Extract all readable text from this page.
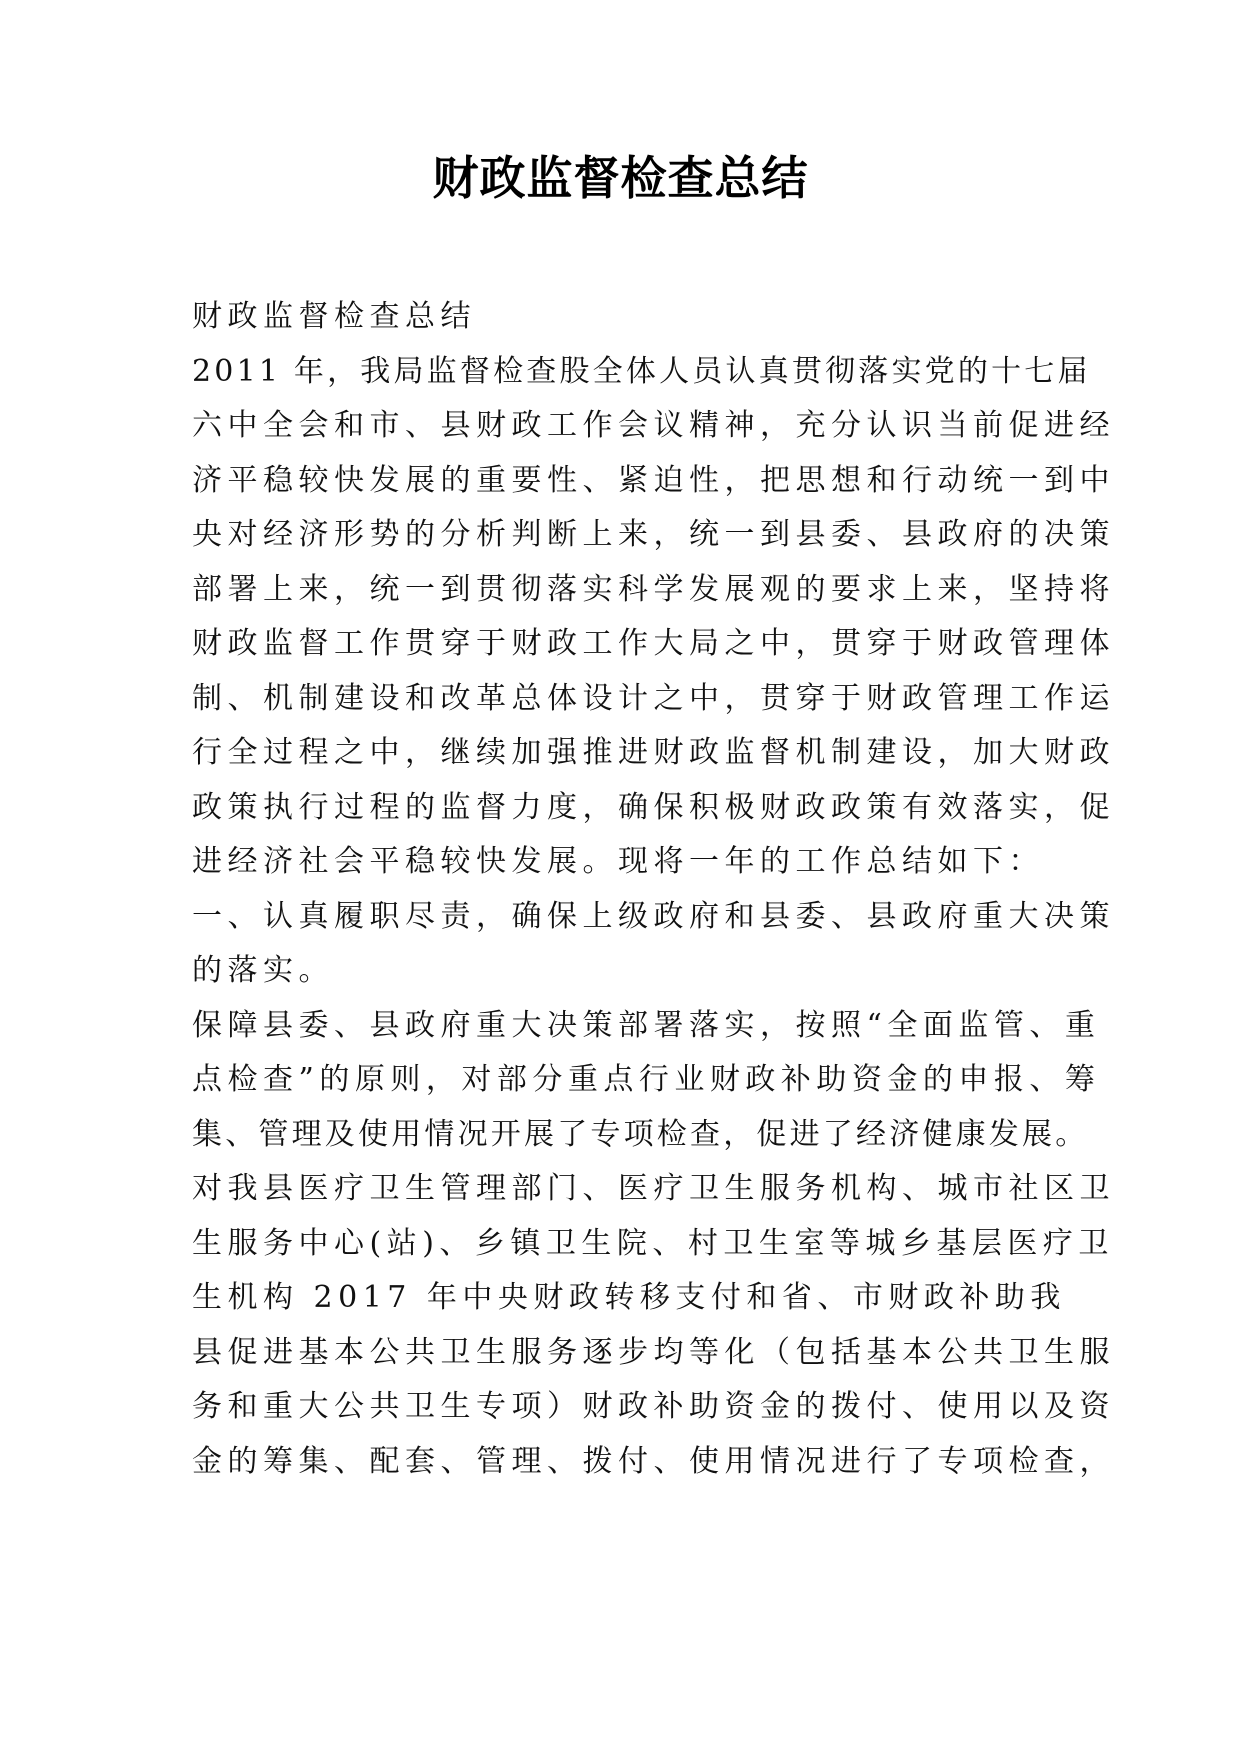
财政监督检查总结
财政监督检查总结
2011 年，我局监督检查股全体人员认真贯彻落实党的十七届
六中全会和市、县财政工作会议精神，充分认识当前促进经
济平稳较快发展的重要性、紧迫性，把思想和行动统一到中
央对经济形势的分析判断上来，统一到县委、县政府的决策
部署上来，统一到贯彻落实科学发展观的要求上来，坚持将
财政监督工作贯穿于财政工作大局之中，贯穿于财政管理体
制、机制建设和改革总体设计之中，贯穿于财政管理工作运
行全过程之中，继续加强推进财政监督机制建设，加大财政
政策执行过程的监督力度，确保积极财政政策有效落实，促
进经济社会平稳较快发展。现将一年的工作总结如下：
一、认真履职尽责，确保上级政府和县委、县政府重大决策
的落实。
保障县委、县政府重大决策部署落实，按照“全面监管、重
点检查”的原则，对部分重点行业财政补助资金的申报、筹
集、管理及使用情况开展了专项检查，促进了经济健康发展。
对我县医疗卫生管理部门、医疗卫生服务机构、城市社区卫
生服务中心(站)、乡镇卫生院、村卫生室等城乡基层医疗卫
生机构 2017 年中央财政转移支付和省、市财政补助我
县促进基本公共卫生服务逐步均等化（包括基本公共卫生服
务和重大公共卫生专项）财政补助资金的拨付、使用以及资
金的筹集、配套、管理、拨付、使用情况进行了专项检查，
